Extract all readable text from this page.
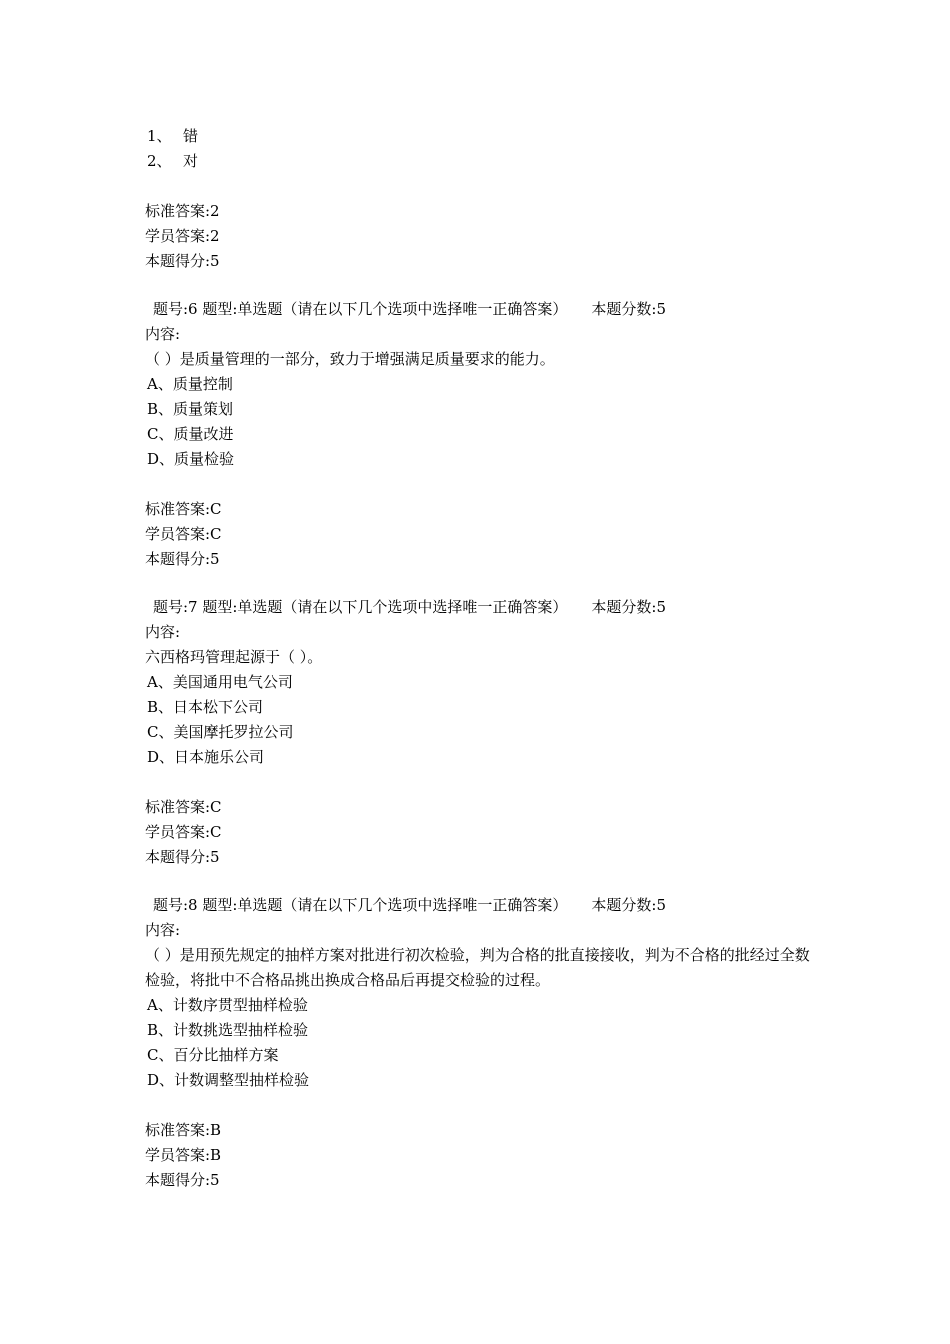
1、 错
2、 对
标准答案:2
学员答案:2
本题得分:5
题号:6 题型:单选题（请在以下几个选项中选择唯一正确答案） 本题分数:5
内容:
（ ）是质量管理的一部分，致力于增强满足质量要求的能力。
A、质量控制
B、质量策划
C、质量改进
D、质量检验
标准答案:C
学员答案:C
本题得分:5
题号:7 题型:单选题（请在以下几个选项中选择唯一正确答案） 本题分数:5
内容:
六西格玛管理起源于（ ）。
A、美国通用电气公司
B、日本松下公司
C、美国摩托罗拉公司
D、日本施乐公司
标准答案:C
学员答案:C
本题得分:5
题号:8 题型:单选题（请在以下几个选项中选择唯一正确答案） 本题分数:5
内容:
（ ）是用预先规定的抽样方案对批进行初次检验，判为合格的批直接接收，判为不合格的批经过全数检验，将批中不合格品挑出换成合格品后再提交检验的过程。
A、计数序贯型抽样检验
B、计数挑选型抽样检验
C、百分比抽样方案
D、计数调整型抽样检验
标准答案:B
学员答案:B
本题得分:5
